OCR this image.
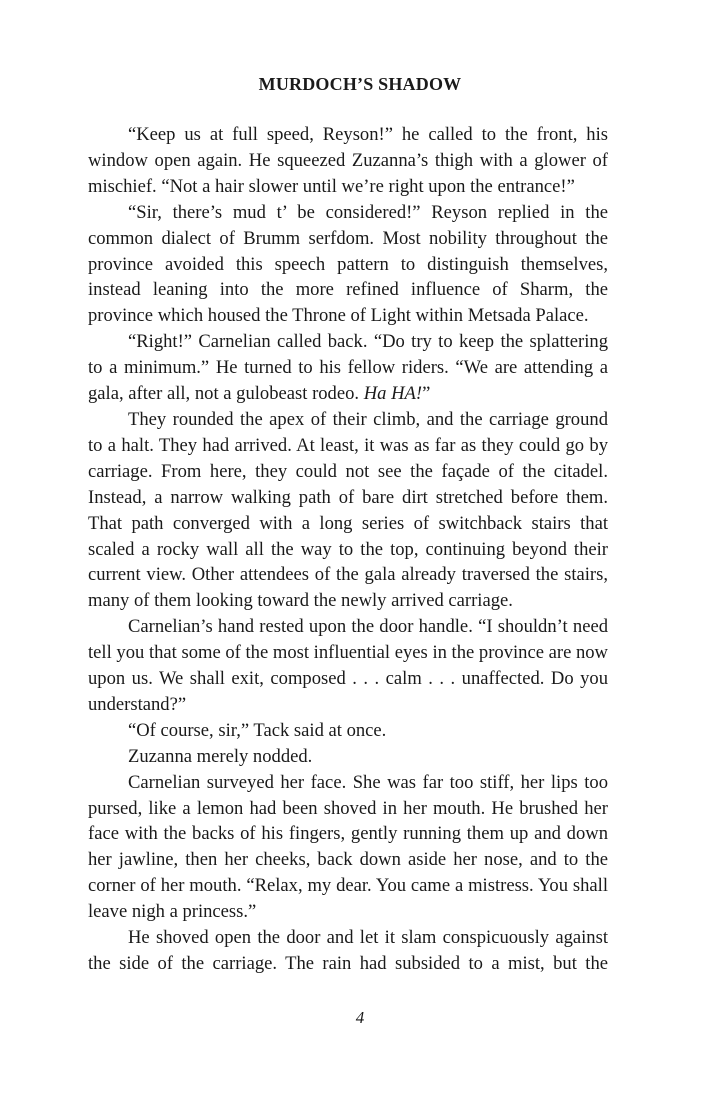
MURDOCH’S SHADOW

“Keep us at full speed, Reyson!” he called to the front, his window open again. He squeezed Zuzanna’s thigh with a glower of mischief. “Not a hair slower until we’re right upon the entrance!”

“Sir, there’s mud t’ be considered!” Reyson replied in the common dialect of Brumm serfdom. Most nobility throughout the province avoided this speech pattern to distinguish themselves, instead leaning into the more refined influence of Sharm, the province which housed the Throne of Light within Metsada Palace.

“Right!” Carnelian called back. “Do try to keep the splattering to a minimum.” He turned to his fellow riders. “We are attending a gala, after all, not a gulobeast rodeo. Ha HA!”

They rounded the apex of their climb, and the carriage ground to a halt. They had arrived. At least, it was as far as they could go by carriage. From here, they could not see the façade of the citadel. Instead, a narrow walking path of bare dirt stretched before them. That path converged with a long series of switchback stairs that scaled a rocky wall all the way to the top, continuing beyond their current view. Other attendees of the gala already traversed the stairs, many of them looking toward the newly arrived carriage.

Carnelian’s hand rested upon the door handle. “I shouldn’t need tell you that some of the most influential eyes in the province are now upon us. We shall exit, composed . . . calm . . . unaffected. Do you understand?”

“Of course, sir,” Tack said at once.

Zuzanna merely nodded.

Carnelian surveyed her face. She was far too stiff, her lips too pursed, like a lemon had been shoved in her mouth. He brushed her face with the backs of his fingers, gently running them up and down her jawline, then her cheeks, back down aside her nose, and to the corner of her mouth. “Relax, my dear. You came a mistress. You shall leave nigh a princess.”

He shoved open the door and let it slam conspicuously against the side of the carriage. The rain had subsided to a mist, but the

4
